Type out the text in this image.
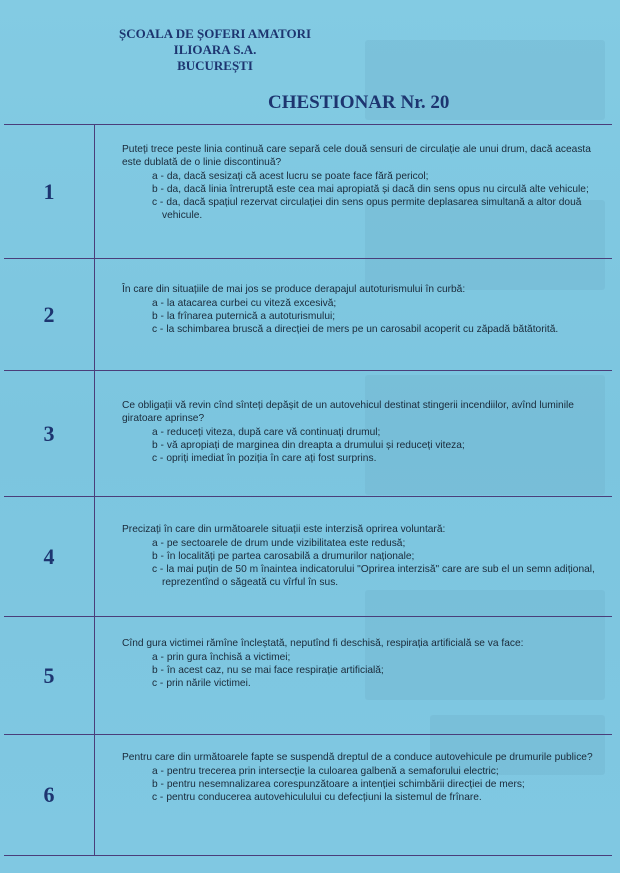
ȘCOALA DE ȘOFERI AMATORI
ILIOARA S.A.
BUCUREȘTI
CHESTIONAR Nr. 20
1
Puteți trece peste linia continuă care separă cele două sensuri de circulație ale unui drum, dacă aceasta este dublată de o linie discontinuă?
a - da, dacă sesizați că acest lucru se poate face fără pericol;
b - da, dacă linia întreruptă este cea mai apropiată și dacă din sens opus nu circulă alte vehicule;
c - da, dacă spațiul rezervat circulației din sens opus permite deplasarea simultană a altor două vehicule.
2
În care din situațiile de mai jos se produce derapajul autoturismului în curbă:
a - la atacarea curbei cu viteză excesivă;
b - la frînarea puternică a autoturismului;
c - la schimbarea bruscă a direcției de mers pe un carosabil acoperit cu zăpadă bătătorită.
3
Ce obligații vă revin cînd sînteți depășit de un autovehicul destinat stingerii incendiilor, avînd luminile giratoare aprinse?
a - reduceți viteza, după care vă continuați drumul;
b - vă apropiați de marginea din dreapta a drumului și reduceți viteza;
c - opriți imediat în poziția în care ați fost surprins.
4
Precizați în care din următoarele situații este interzisă oprirea voluntară:
a - pe sectoarele de drum unde vizibilitatea este redusă;
b - în localități pe partea carosabilă a drumurilor naționale;
c - la mai puțin de 50 m înaintea indicatorului "Oprirea interzisă" care are sub el un semn adițional, reprezentînd o săgeată cu vîrful în sus.
5
Cînd gura victimei rămîne încleștată, neputînd fi deschisă, respirația artificială se va face:
a - prin gura închisă a victimei;
b - în acest caz, nu se mai face respirație artificială;
c - prin nările victimei.
6
Pentru care din următoarele fapte se suspendă dreptul de a conduce autovehicule pe drumurile publice?
a - pentru trecerea prin intersecție la culoarea galbenă a semaforului electric;
b - pentru nesemnalizarea corespunzătoare a intenției schimbării direcției de mers;
c - pentru conducerea autovehiculului cu defecțiuni la sistemul de frînare.
